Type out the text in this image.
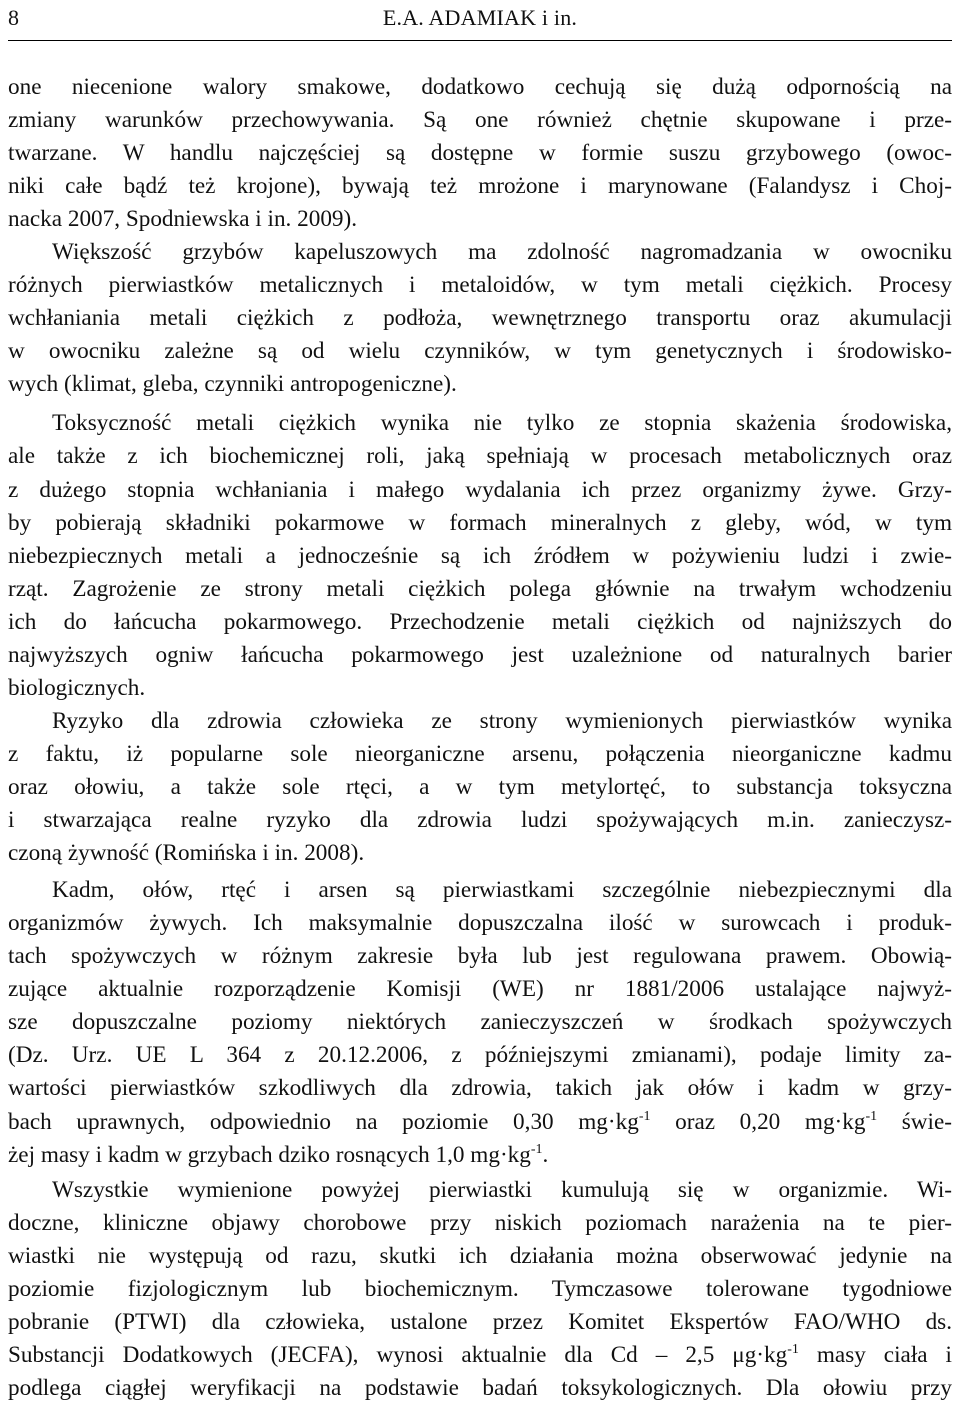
8	E.A. ADAMIAK i in.
one niecenione walory smakowe, dodatkowo cechują się dużą odpornością na
zmiany warunków przechowywania. Są one również chętnie skupowane i prze-
twarzane. W handlu najczęściej są dostępne w formie suszu grzybowego (owoc-
niki całe bądź też krojone), bywają też mrożone i marynowane (Falandysz i Choj-
nacka 2007, Spodniewska i in. 2009).
Większość grzybów kapeluszowych ma zdolność nagromadzania w owocniku
różnych pierwiastków metalicznych i metaloidów, w tym metali ciężkich. Procesy
wchłaniania metali ciężkich z podłoża, wewnętrznego transportu oraz akumulacji
w owocniku zależne są od wielu czynników, w tym genetycznych i środowisko-
wych (klimat, gleba, czynniki antropogeniczne).
Toksyczność metali ciężkich wynika nie tylko ze stopnia skażenia środowiska,
ale także z ich biochemicznej roli, jaką spełniają w procesach metabolicznych oraz
z dużego stopnia wchłaniania i małego wydalania ich przez organizmy żywe. Grzy-
by pobierają składniki pokarmowe w formach mineralnych z gleby, wód, w tym
niebezpiecznych metali a jednocześnie są ich źródłem w pożywieniu ludzi i zwie-
rząt. Zagrożenie ze strony metali ciężkich polega głównie na trwałym wchodzeniu
ich do łańcucha pokarmowego. Przechodzenie metali ciężkich od najniższych do
najwyższych ogniw łańcucha pokarmowego jest uzależnione od naturalnych barier
biologicznych.
Ryzyko dla zdrowia człowieka ze strony wymienionych pierwiastków wynika
z faktu, iż popularne sole nieorganiczne arsenu, połączenia nieorganiczne kadmu
oraz ołowiu, a także sole rtęci, a w tym metylortęć, to substancja toksyczna
i stwarzająca realne ryzyko dla zdrowia ludzi spożywających m.in. zanieczysz-
czoną żywność (Romińska i in. 2008).
Kadm, ołów, rtęć i arsen są pierwiastkami szczególnie niebezpiecznymi dla
organizmów żywych. Ich maksymalnie dopuszczalna ilość w surowcach i produk-
tach spożywczych w różnym zakresie była lub jest regulowana prawem. Obowią-
zujące aktualnie rozporządzenie Komisji (WE) nr 1881/2006 ustalające najwyż-
sze dopuszczalne poziomy niektórych zanieczyszczeń w środkach spożywczych
(Dz. Urz. UE L 364 z 20.12.2006, z późniejszymi zmianami), podaje limity za-
wartości pierwiastków szkodliwych dla zdrowia, takich jak ołów i kadm w grzy-
bach uprawnych, odpowiednio na poziomie 0,30 $mg\cdot kg^{-1}$ oraz 0,20 $mg\cdot kg^{-1}$ świe-
żej masy i kadm w grzybach dziko rosnących 1,0 $mg\cdot kg^{-1}$.
Wszystkie wymienione powyżej pierwiastki kumulują się w organizmie. Wi-
doczne, kliniczne objawy chorobowe przy niskich poziomach narażenia na te pier-
wiastki nie występują od razu, skutki ich działania można obserwować jedynie na
poziomie fizjologicznym lub biochemicznym. Tymczasowe tolerowane tygodniowe
pobranie (PTWI) dla człowieka, ustalone przez Komitet Ekspertów FAO/WHO ds.
Substancji Dodatkowych (JECFA), wynosi aktualnie dla Cd – 2,5 $\mu g\cdot kg^{-1}$ masy ciała i
podlega ciągłej weryfikacji na podstawie badań toksykologicznych. Dla ołowiu przy
